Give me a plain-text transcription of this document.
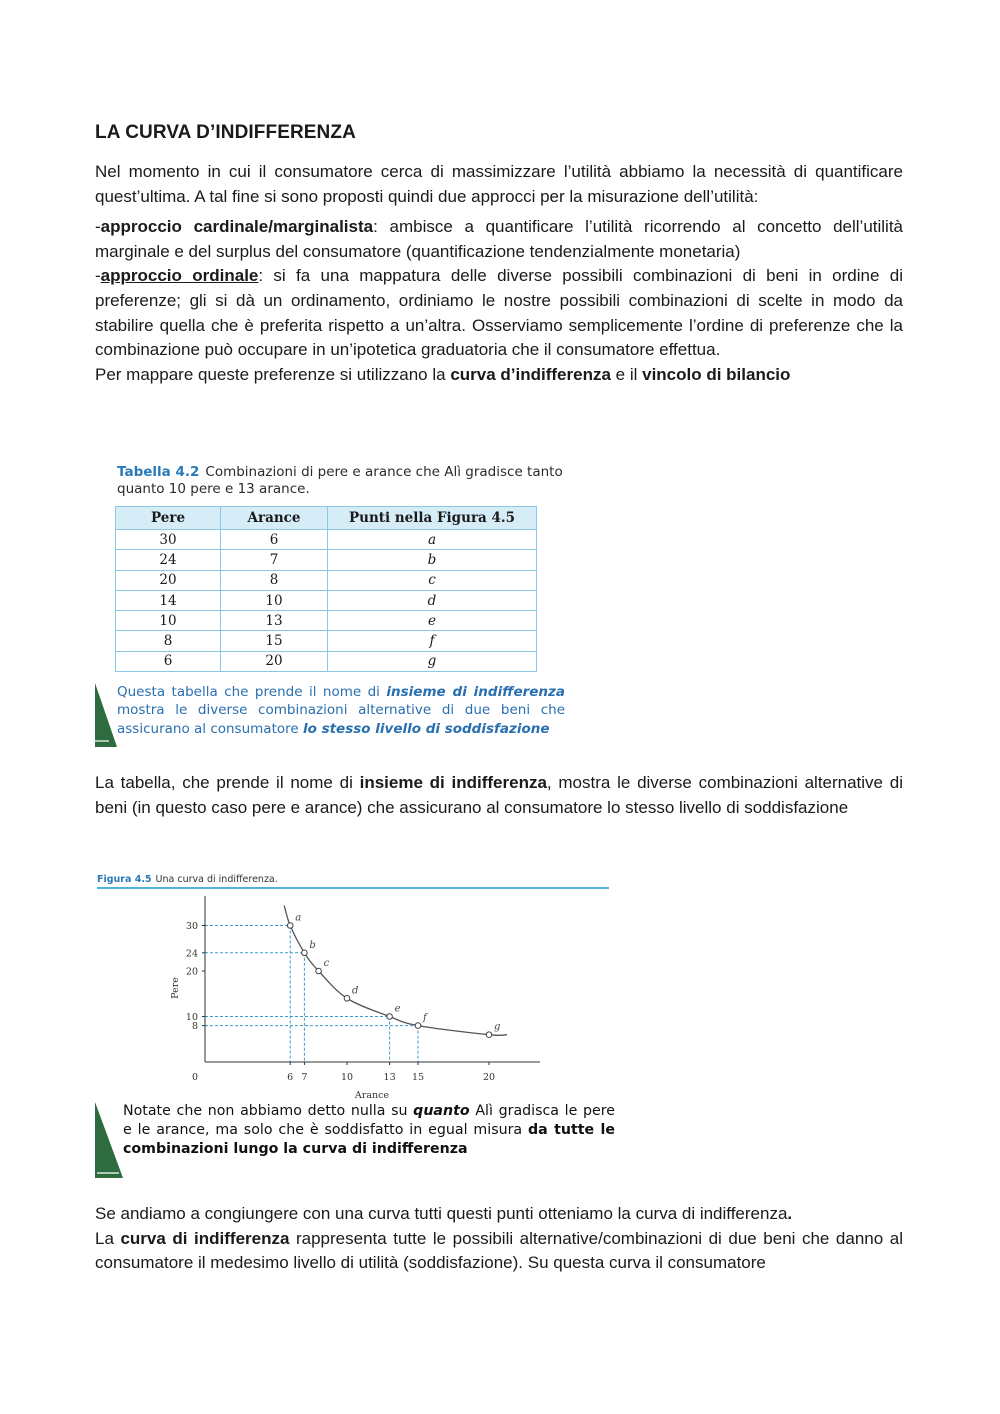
LA CURVA D’INDIFFERENZA

Nel momento in cui il consumatore cerca di massimizzare l’utilità abbiamo la necessità di quantificare quest’ultima. A tal fine si sono proposti quindi due approcci per la misurazione dell’utilità:

-approccio cardinale/marginalista: ambisce a quantificare l’utilità ricorrendo al concetto dell’utilità marginale e del surplus del consumatore (quantificazione tendenzialmente monetaria)

-approccio ordinale: si fa una mappatura delle diverse possibili combinazioni di beni in ordine di preferenze; gli si dà un ordinamento, ordiniamo le nostre possibili combinazioni di scelte in modo da stabilire quella che è preferita rispetto a un’altra. Osserviamo semplicemente l’ordine di preferenze che la combinazione può occupare in un’ipotetica graduatoria che il consumatore effettua.

Per mappare queste preferenze si utilizzano la curva d’indifferenza e il vincolo di bilancio

Tabella 4.2 Combinazioni di pere e arance che Alì gradisce tanto quanto 10 pere e 13 arance.
Pere	Arance	Punti nella Figura 4.5
30	6	a
24	7	b
20	8	c
14	10	d
10	13	e
8	15	f
6	20	g
Questa tabella che prende il nome di insieme di indifferenza mostra le diverse combinazioni alternative di due beni che assicurano al consumatore lo stesso livello di soddisfazione

La tabella, che prende il nome di insieme di indifferenza, mostra le diverse combinazioni alternative di beni (in questo caso pere e arance) che assicurano al consumatore lo stesso livello di soddisfazione

Figura 4.5 Una curva di indifferenza.
a
b
c
d
e
f
g
30
24
20
10
8
0	6 7	10	13 15	20
Arance
Pere
Notate che non abbiamo detto nulla su quanto Alì gradisca le pere e le arance, ma solo che è soddisfatto in egual misura da tutte le combinazioni lungo la curva di indifferenza

Se andiamo a congiungere con una curva tutti questi punti otteniamo la curva di indifferenza.

La curva di indifferenza rappresenta tutte le possibili alternative/combinazioni di due beni che danno al consumatore il medesimo livello di utilità (soddisfazione). Su questa curva il consumatore
